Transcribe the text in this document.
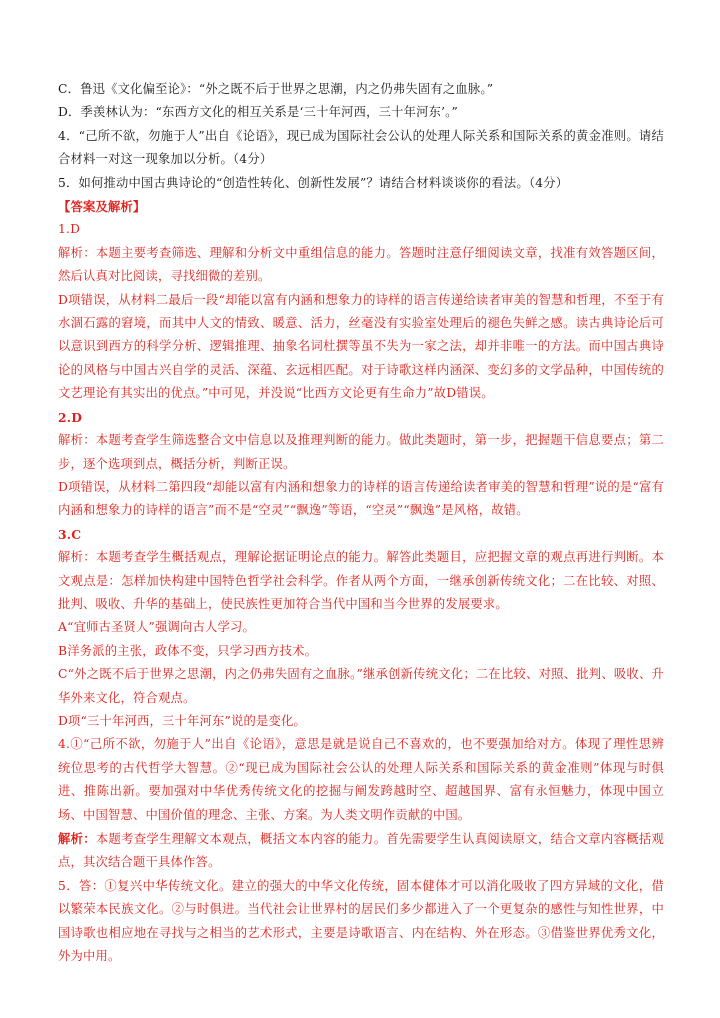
C．鲁迅《文化偏至论》：“外之既不后于世界之思潮，内之仍弗失固有之血脉。”
D．季羡林认为：“东西方文化的相互关系是‘三十年河西，三十年河东’。”
4．“己所不欲，勿施于人”出自《论语》，现已成为国际社会公认的处理人际关系和国际关系的黄金准则。请结合材料一对这一现象加以分析。（4分）
5．如何推动中国古典诗论的“创造性转化、创新性发展”？请结合材料谈谈你的看法。（4分）
【答案及解析】
1.D
解析：本题主要考查筛选、理解和分析文中重组信息的能力。答题时注意仔细阅读文章，找准有效答题区间，然后认真对比阅读，寻找细微的差别。
D项错误，从材料二最后一段“却能以富有内涵和想象力的诗样的语言传递给读者审美的智慧和哲理，不至于有水涸石露的窘境，而其中人文的情致、暖意、活力，丝毫没有实验室处理后的褪色失鲜之感。读古典诗论后可以意识到西方的科学分析、逻辑推理、抽象名词杜撰等虽不失为一家之法，却并非唯一的方法。而中国古典诗论的风格与中国古兴自学的灵活、深蕴、玄远相匹配。对于诗歌这样内涵深、变幻多的文学品种，中国传统的文艺理论有其实出的优点。”中可见，并没说“比西方文论更有生命力”故D错误。
2.D
解析：本题考查学生筛选整合文中信息以及推理判断的能力。做此类题时，第一步，把握题干信息要点；第二步，逐个选项到点，概括分析，判断正误。
D项错误，从材料二第四段“却能以富有内涵和想象力的诗样的语言传递给读者审美的智慧和哲理”说的是“富有内涵和想象力的诗样的语言”而不是“空灵”“飘逸”等语，“空灵”“飘逸”是风格，故错。
3.C
解析：本题考查学生概括观点，理解论据证明论点的能力。解答此类题目，应把握文章的观点再进行判断。本文观点是：怎样加快构建中国特色哲学社会科学。作者从两个方面，一继承创新传统文化；二在比较、对照、批判、吸收、升华的基础上，使民族性更加符合当代中国和当今世界的发展要求。
A“宜师古圣贤人”强调向古人学习。
B洋务派的主张，政体不变，只学习西方技术。
C“外之既不后于世界之思潮，内之仍弗失固有之血脉。”继承创新传统文化；二在比较、对照、批判、吸收、升华外来文化，符合观点。
D项“三十年河西，三十年河东”说的是变化。
4.①“己所不欲，勿施于人”出自《论语》，意思是就是说自己不喜欢的，也不要强加给对方。体现了理性思辨统位思考的古代哲学大智慧。②“现已成为国际社会公认的处理人际关系和国际关系的黄金准则”体现与时俱进、推陈出新。要加强对中华优秀传统文化的挖掘与阐发跨越时空、超越国界、富有永恒魅力，体现中国立场、中国智慧、中国价值的理念、主张、方案。为人类文明作贡献的中国。
解析：本题考查学生理解文本观点，概括文本内容的能力。首先需要学生认真阅读原文，结合文章内容概括观点，其次结合题干具体作答。
5．答：①复兴中华传统文化。建立的强大的中华文化传统，固本健体才可以消化吸收了四方异域的文化，借以繁荣本民族文化。②与时俱进。当代社会让世界村的居民们多少都进入了一个更复杂的感性与知性世界，中国诗歌也相应地在寻找与之相当的艺术形式，主要是诗歌语言、内在结构、外在形态。③借鉴世界优秀文化，外为中用。
